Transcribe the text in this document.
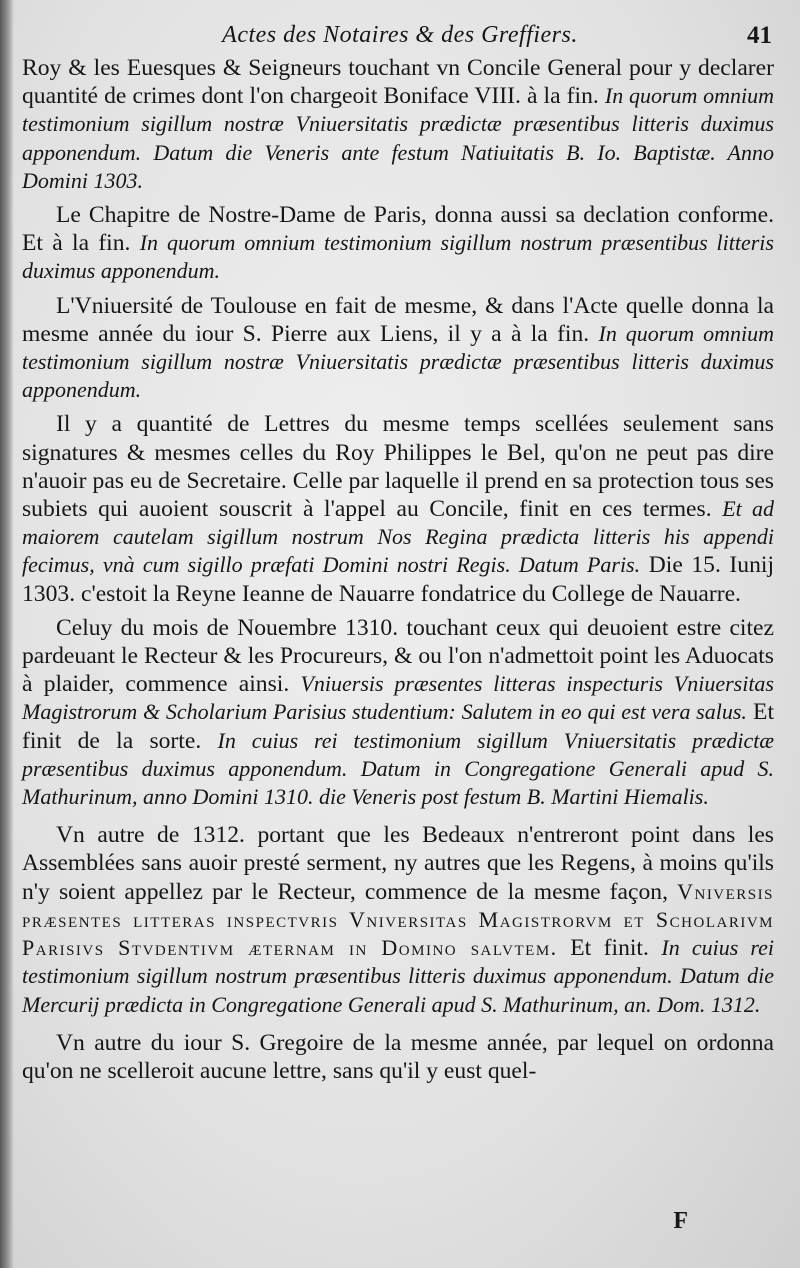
Actes des Notaires & des Greffiers.	41

Roy & les Euesques & Seigneurs touchant vn Concile General pour y declarer quantité de crimes dont l'on chargeoit Boniface VIII. à la fin. In quorum omnium testimonium sigillum nostræ Vniuersitatis prædictæ præsentibus litteris duximus apponendum. Datum die Veneris ante festum Natiuitatis B. Io. Baptistæ. Anno Domini 1303.

Le Chapitre de Nostre-Dame de Paris, donna aussi sa declation conforme. Et à la fin. In quorum omnium testimonium sigillum nostrum præsentibus litteris duximus apponendum.

L'Vniuersité de Toulouse en fait de mesme, & dans l'Acte quelle donna la mesme année du iour S. Pierre aux Liens, il y a à la fin. In quorum omnium testimonium sigillum nostræ Vniuersitatis prædictæ præsentibus litteris duximus apponendum.

Il y a quantité de Lettres du mesme temps scellées seulement sans signatures & mesmes celles du Roy Philippes le Bel, qu'on ne peut pas dire n'auoir pas eu de Secretaire. Celle par laquelle il prend en sa protection tous ses subiets qui auoient souscrit à l'appel au Concile, finit en ces termes. Et ad maiorem cautelam sigillum nostrum Nos Regina prædicta litteris his appendi fecimus, vnà cum sigillo præfati Domini nostri Regis. Datum Paris. Die 15. Iunij 1303. c'estoit la Reyne Ieanne de Nauarre fondatrice du College de Nauarre.

Celuy du mois de Nouembre 1310. touchant ceux qui deuoient estre citez pardeuant le Recteur & les Procureurs, & ou l'on n'admettoit point les Aduocats à plaider, commence ainsi. Vniuersis præsentes litteras inspecturis Vniuersitas Magistrorum & Scholarium Parisius studentium: Salutem in eo qui est vera salus. Et finit de la sorte. In cuius rei testimonium sigillum Vniuersitatis prædictæ præsentibus duximus apponendum. Datum in Congregatione Generali apud S. Mathurinum, anno Domini 1310. die Veneris post festum B. Martini Hiemalis.

Vn autre de 1312. portant que les Bedeaux n'entreront point dans les Assemblées sans auoir presté serment, ny autres que les Regens, à moins qu'ils n'y soient appellez par le Recteur, commence de la mesme façon, Vniversis præsentes litteras inspectvris Vniversitas Magistrorvm et Scholarivm Parisivs Stvdentivm æternam in Domino salvtem. Et finit. In cuius rei testimonium sigillum nostrum præsentibus litteris duximus apponendum. Datum die Mercurij prædicta in Congregatione Generali apud S. Mathurinum, an. Dom. 1312.

Vn autre du iour S. Gregoire de la mesme année, par lequel on ordonna qu'on ne scelleroit aucune lettre, sans qu'il y eust quel-

F
